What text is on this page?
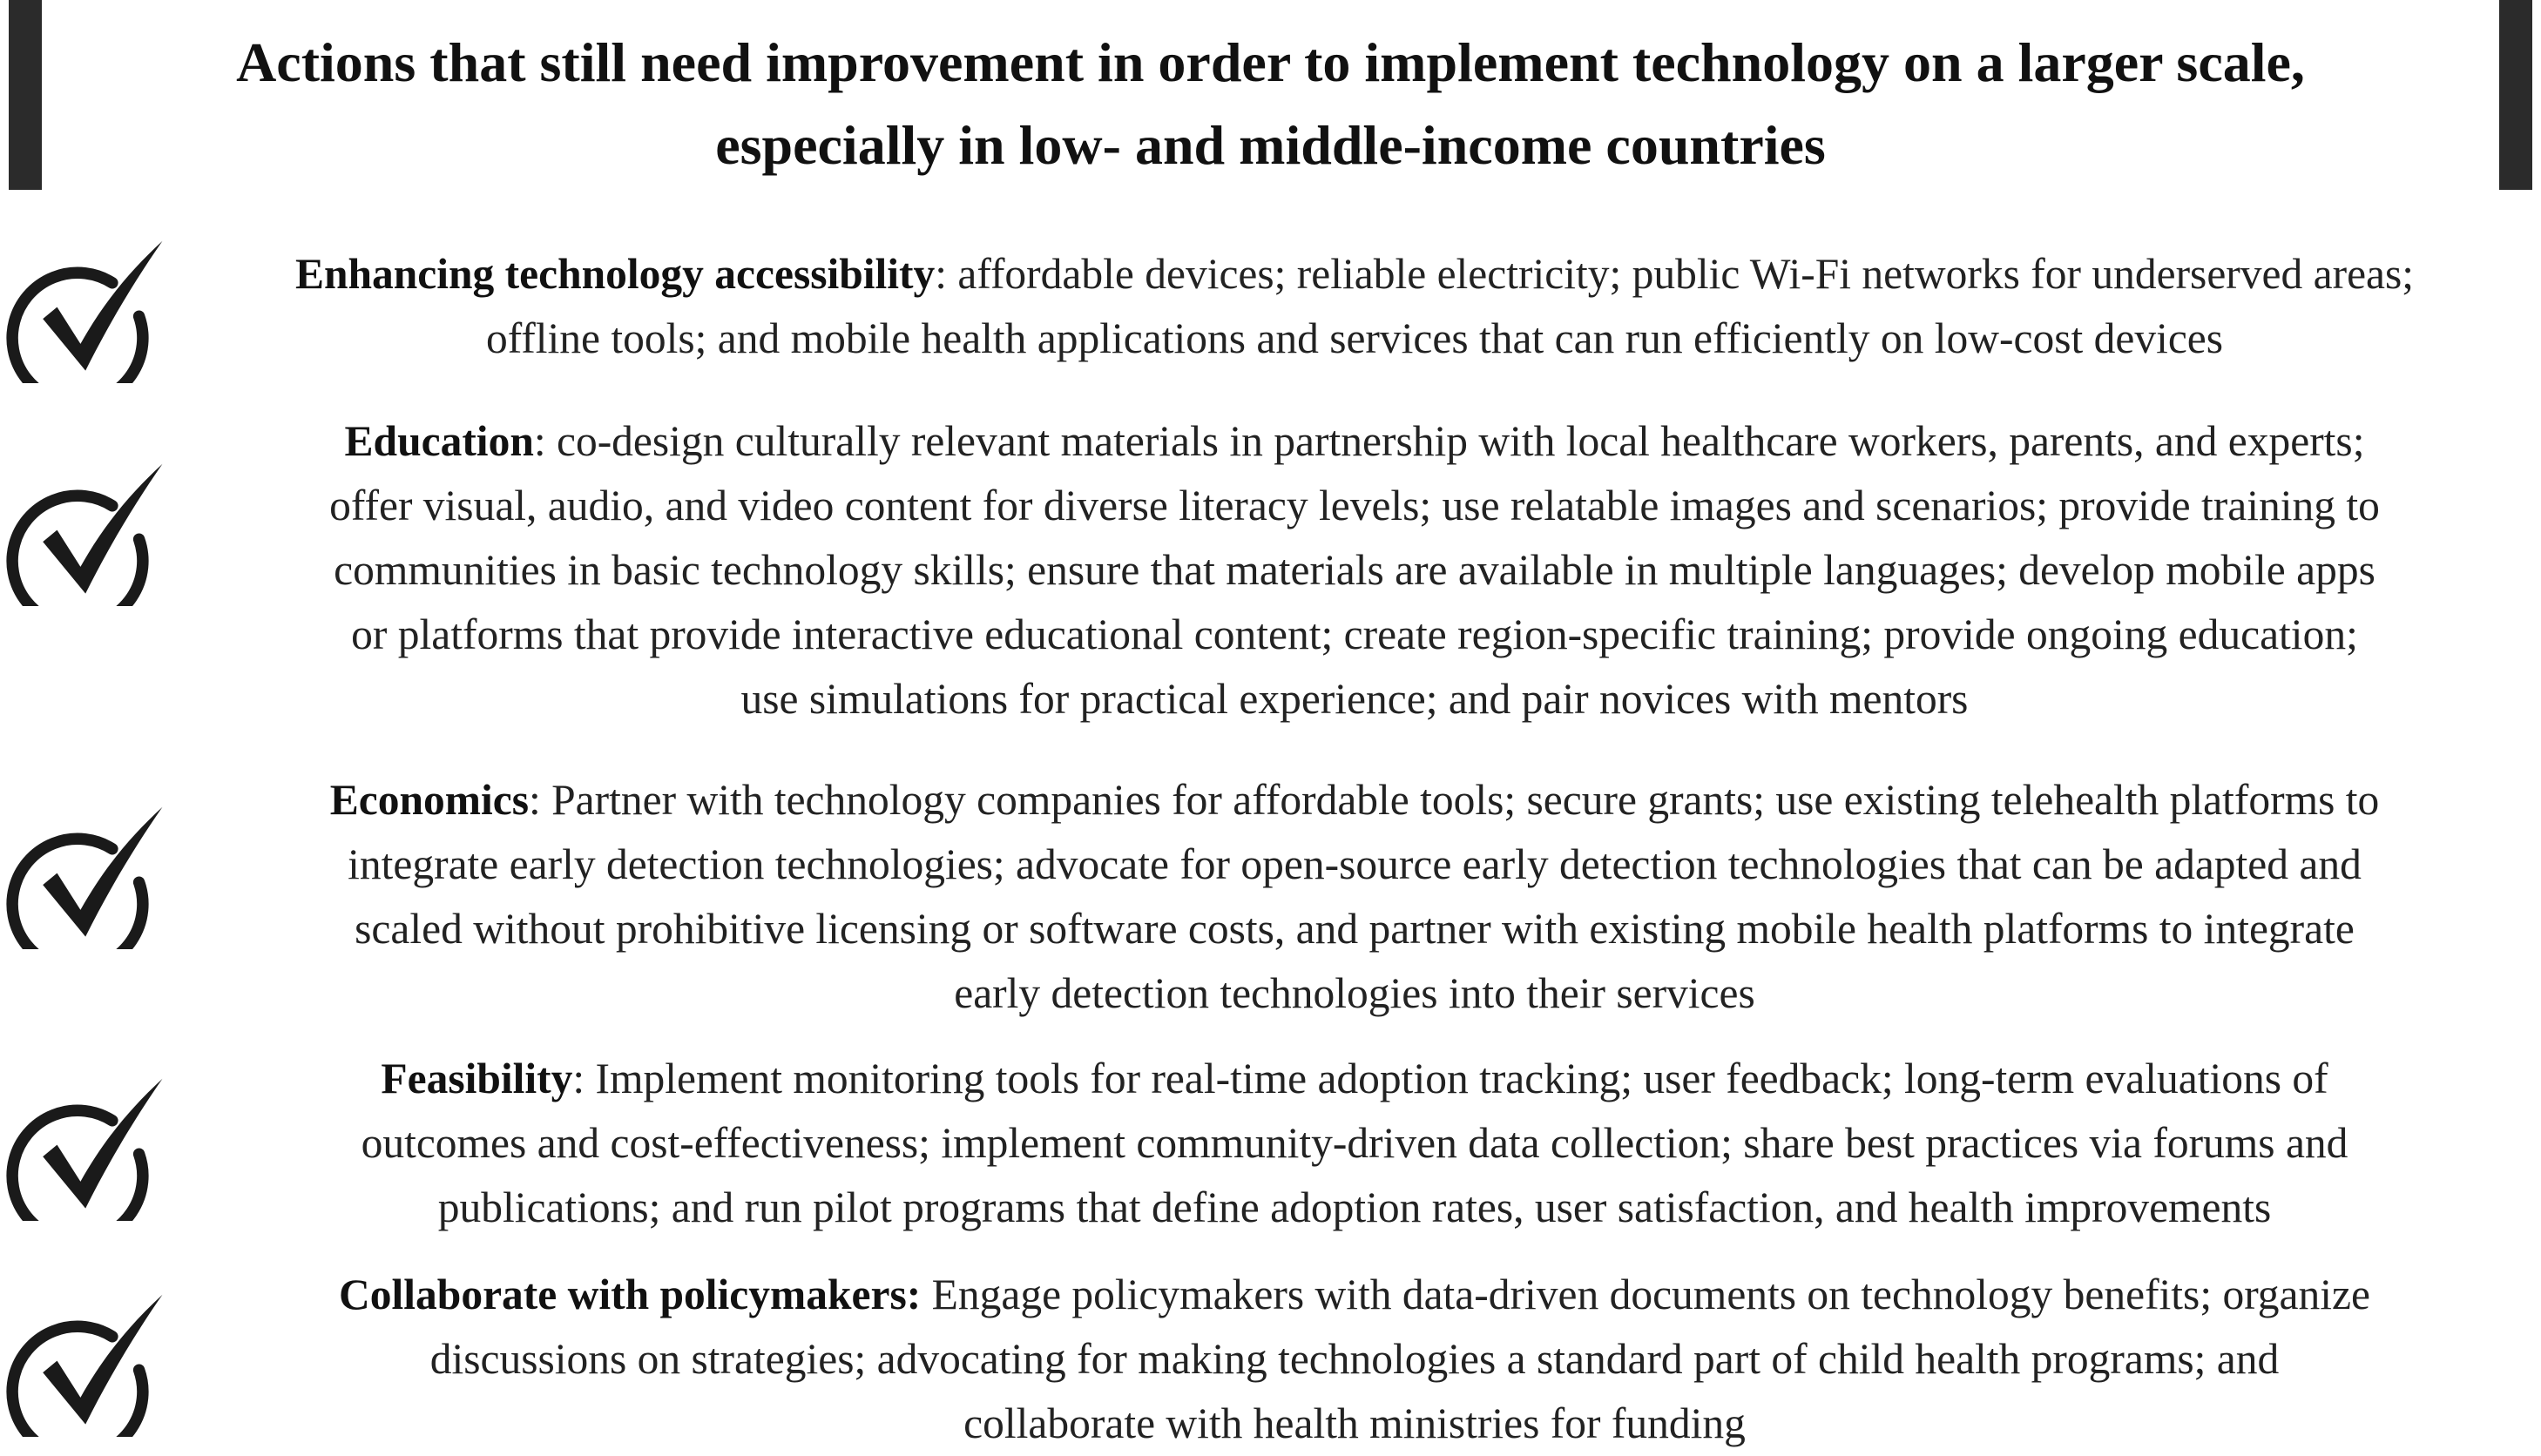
Actions that still need improvement in order to implement technology on a larger scale,
especially in low- and middle-income countries
Enhancing technology accessibility: affordable devices; reliable electricity; public Wi-Fi networks for underserved areas;
offline tools; and mobile health applications and services that can run efficiently on low-cost devices
Education: co-design culturally relevant materials in partnership with local healthcare workers, parents, and experts;
offer visual, audio, and video content for diverse literacy levels; use relatable images and scenarios; provide training to
communities in basic technology skills; ensure that materials are available in multiple languages; develop mobile apps
or platforms that provide interactive educational content; create region-specific training; provide ongoing education;
use simulations for practical experience; and pair novices with mentors
Economics: Partner with technology companies for affordable tools; secure grants; use existing telehealth platforms to
integrate early detection technologies; advocate for open-source early detection technologies that can be adapted and
scaled without prohibitive licensing or software costs, and partner with existing mobile health platforms to integrate
early detection technologies into their services
Feasibility: Implement monitoring tools for real-time adoption tracking; user feedback; long-term evaluations of
outcomes and cost-effectiveness; implement community-driven data collection; share best practices via forums and
publications; and run pilot programs that define adoption rates, user satisfaction, and health improvements
Collaborate with policymakers: Engage policymakers with data-driven documents on technology benefits; organize
discussions on strategies; advocating for making technologies a standard part of child health programs; and
collaborate with health ministries for funding
